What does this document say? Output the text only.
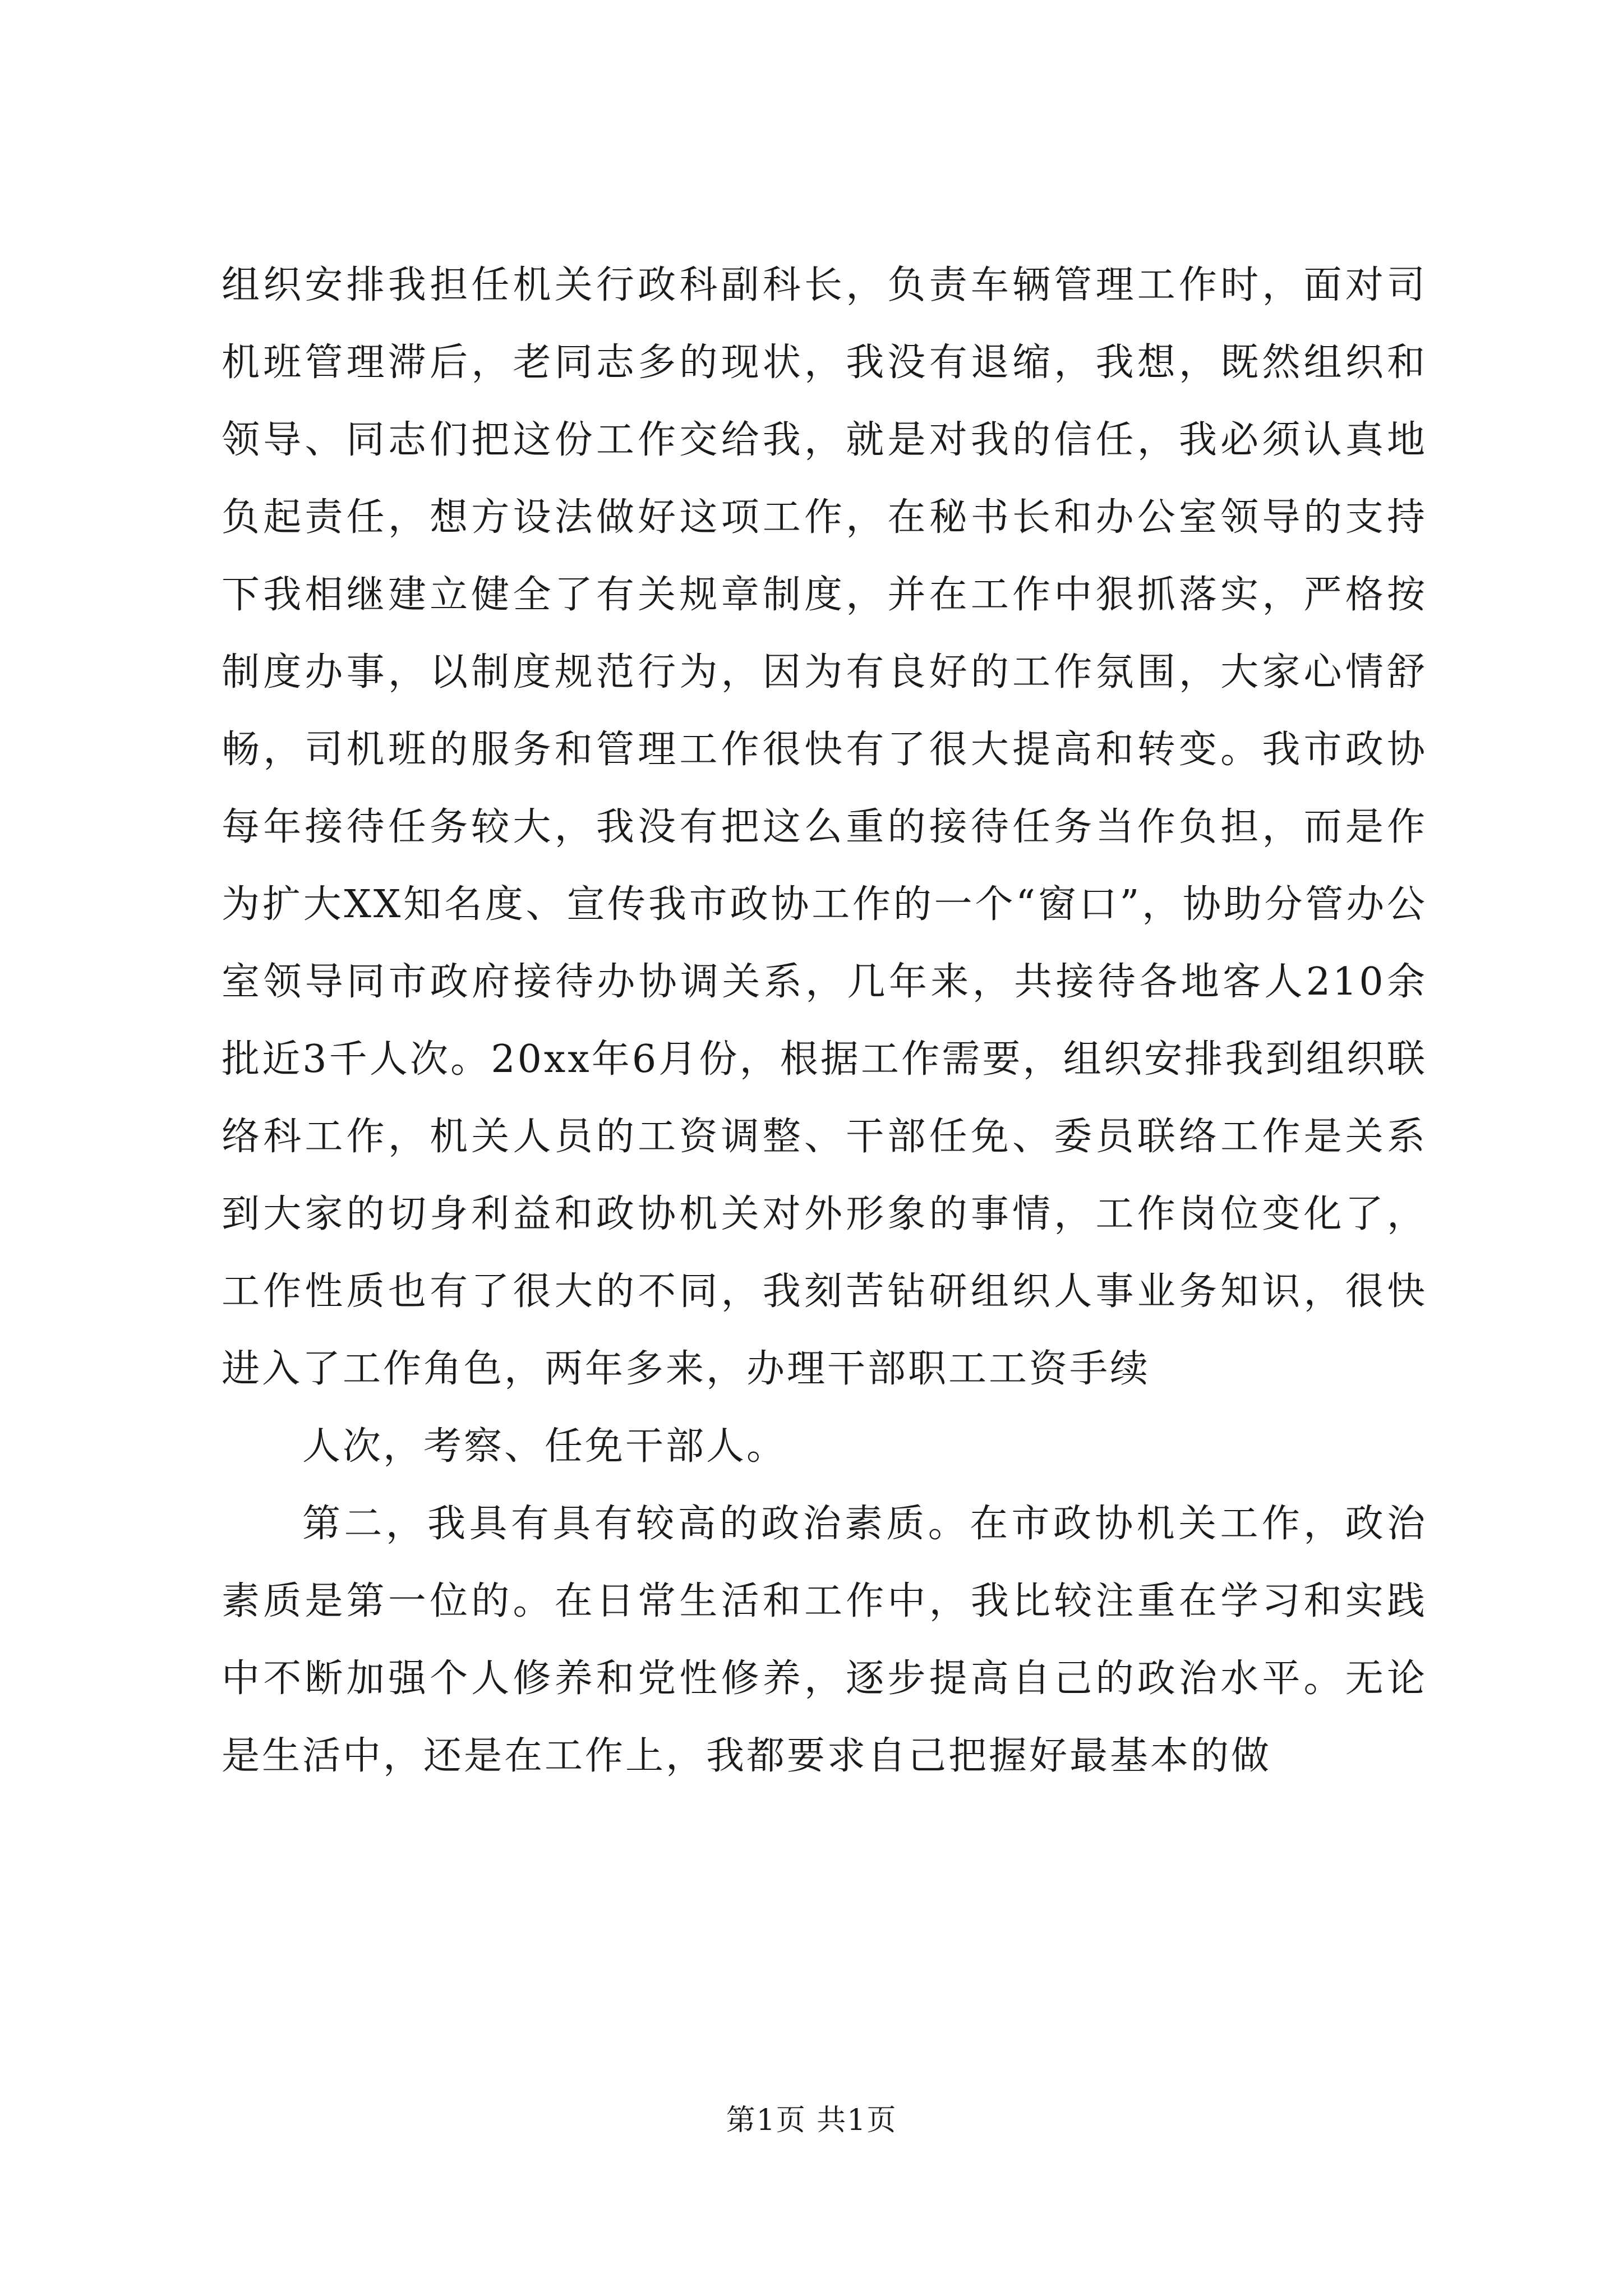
组织安排我担任机关行政科副科长，负责车辆管理工作时，面对司机班管理滞后，老同志多的现状，我没有退缩，我想，既然组织和领导、同志们把这份工作交给我，就是对我的信任，我必须认真地负起责任，想方设法做好这项工作，在秘书长和办公室领导的支持下我相继建立健全了有关规章制度，并在工作中狠抓落实，严格按制度办事，以制度规范行为，因为有良好的工作氛围，大家心情舒畅，司机班的服务和管理工作很快有了很大提高和转变。我市政协每年接待任务较大，我没有把这么重的接待任务当作负担，而是作为扩大XX知名度、宣传我市政协工作的一个“窗口”，协助分管办公室领导同市政府接待办协调关系，几年来，共接待各地客人210余批近3千人次。20xx年6月份，根据工作需要，组织安排我到组织联络科工作，机关人员的工资调整、干部任免、委员联络工作是关系到大家的切身利益和政协机关对外形象的事情，工作岗位变化了，工作性质也有了很大的不同，我刻苦钻研组织人事业务知识，很快进入了工作角色，两年多来，办理干部职工工资手续

人次，考察、任免干部人。

第二，我具有具有较高的政治素质。在市政协机关工作，政治素质是第一位的。在日常生活和工作中，我比较注重在学习和实践中不断加强个人修养和党性修养，逐步提高自己的政治水平。无论是生活中，还是在工作上，我都要求自己把握好最基本的做

第1页 共1页
